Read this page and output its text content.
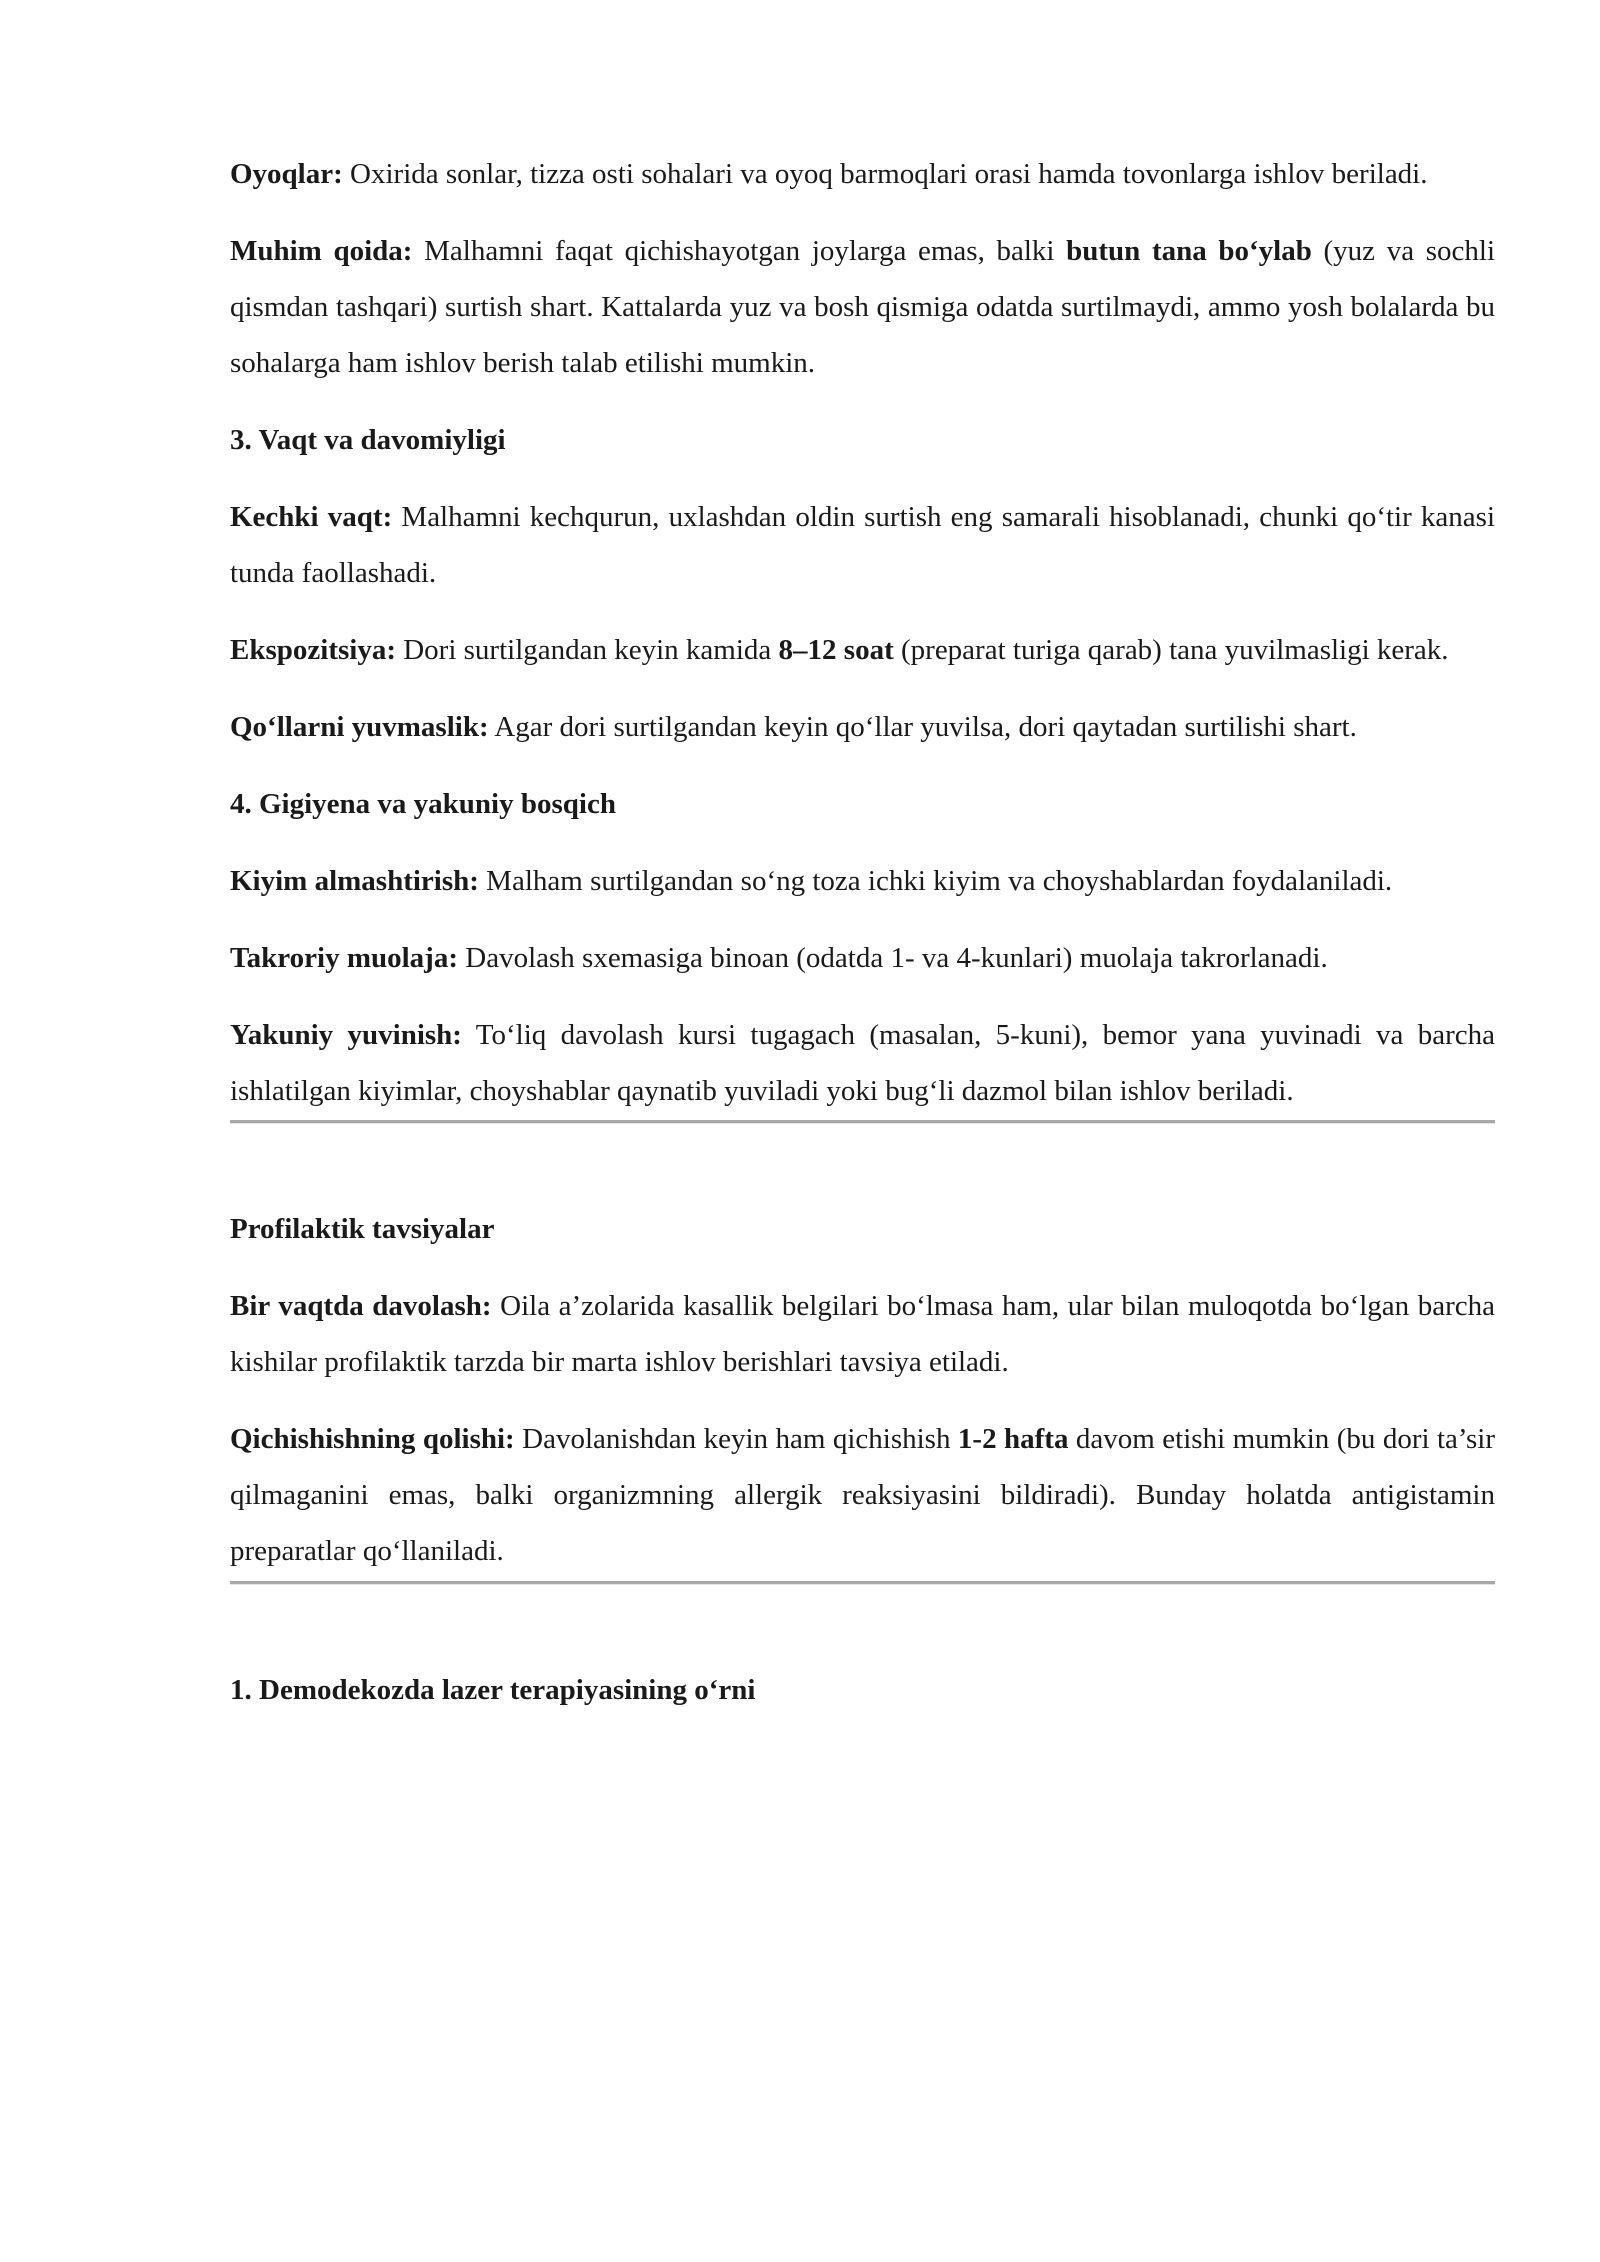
Oyoqlar: Oxirida sonlar, tizza osti sohalari va oyoq barmoqlari orasi hamda tovonlarga ishlov beriladi.

Muhim qoida: Malhamni faqat qichishayotgan joylarga emas, balki butun tana bo‘ylab (yuz va sochli qismdan tashqari) surtish shart. Kattalarda yuz va bosh qismiga odatda surtilmaydi, ammo yosh bolalarda bu sohalarga ham ishlov berish talab etilishi mumkin.

3. Vaqt va davomiyligi

Kechki vaqt: Malhamni kechqurun, uxlashdan oldin surtish eng samarali hisoblanadi, chunki qo‘tir kanasi tunda faollashadi.

Ekspozitsiya: Dori surtilgandan keyin kamida 8–12 soat (preparat turiga qarab) tana yuvilmasligi kerak.

Qo‘llarni yuvmaslik: Agar dori surtilgandan keyin qo‘llar yuvilsa, dori qaytadan surtilishi shart.

4. Gigiyena va yakuniy bosqich

Kiyim almashtirish: Malham surtilgandan so‘ng toza ichki kiyim va choyshablardan foydalaniladi.

Takroriy muolaja: Davolash sxemasiga binoan (odatda 1- va 4-kunlari) muolaja takrorlanadi.

Yakuniy yuvinish: To‘liq davolash kursi tugagach (masalan, 5-kuni), bemor yana yuvinadi va barcha ishlatilgan kiyimlar, choyshablar qaynatib yuviladi yoki bug‘li dazmol bilan ishlov beriladi.

Profilaktik tavsiyalar

Bir vaqtda davolash: Oila a’zolarida kasallik belgilari bo‘lmasa ham, ular bilan muloqotda bo‘lgan barcha kishilar profilaktik tarzda bir marta ishlov berishlari tavsiya etiladi.

Qichishishning qolishi: Davolanishdan keyin ham qichishish 1-2 hafta davom etishi mumkin (bu dori ta’sir qilmaganini emas, balki organizmning allergik reaksiyasini bildiradi). Bunday holatda antigistamin preparatlar qo‘llaniladi.

1. Demodekozda lazer terapiyasining o‘rni
